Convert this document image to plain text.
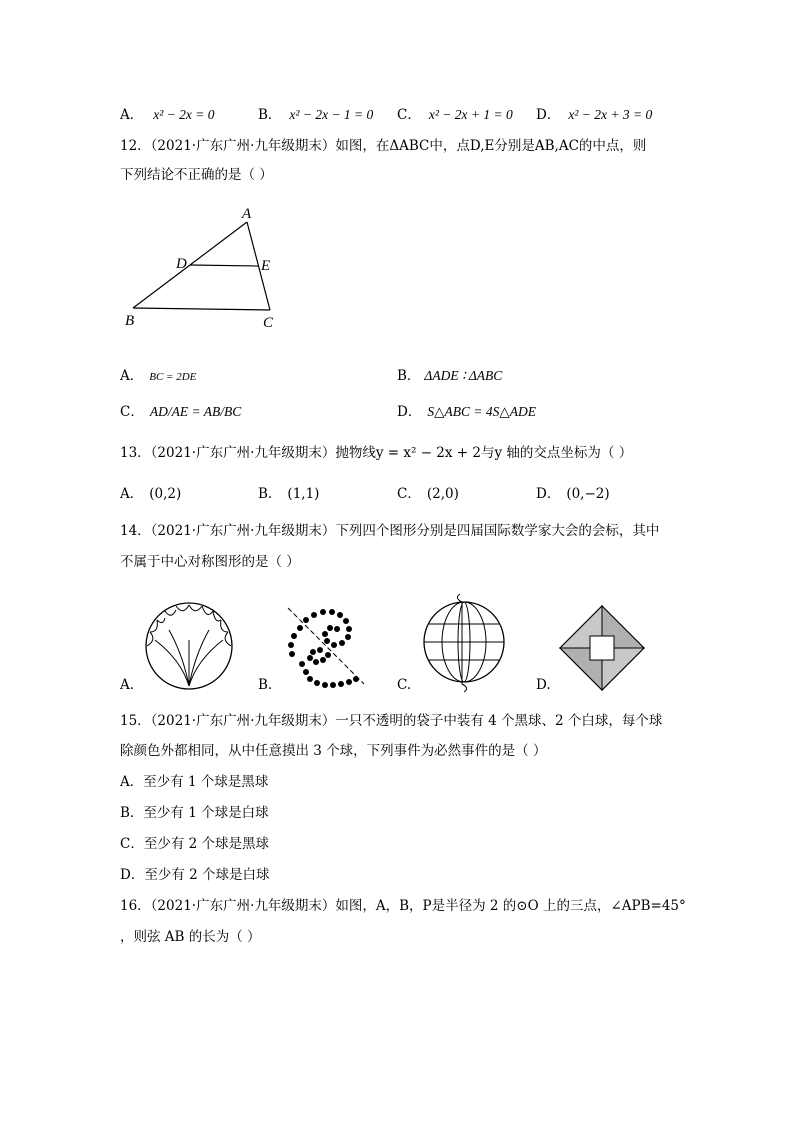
A． x² − 2x = 0	B． x² − 2x − 1 = 0 C． x² − 2x + 1 = 0 D． x² − 2x + 3 = 0
12．（2021·广东广州·九年级期末）如图，在ΔABC中，点D,E分别是AB,AC的中点，则
下列结论不正确的是（ ）
A
B	C
D	E
A． BC = 2DE	B． ΔADE ∶ ΔABC
C． AD/AE = AB/BC	D． S△ABC = 4S△ADE
13．（2021·广东广州·九年级期末）抛物线y = x² − 2x + 2与y 轴的交点坐标为（ ）
A． (0,2)	B． (1,1)	C． (2,0)	D． (0,−2)
14．（2021·广东广州·九年级期末）下列四个图形分别是四届国际数学家大会的会标，其中
不属于中心对称图形的是（ ）
A.	B.	C.	D.
15．（2021·广东广州·九年级期末）一只不透明的袋子中装有 4 个黑球、2 个白球，每个球
除颜色外都相同，从中任意摸出 3 个球，下列事件为必然事件的是（ ）
A．至少有 1 个球是黑球
B．至少有 1 个球是白球
C．至少有 2 个球是黑球
D．至少有 2 个球是白球
16．（2021·广东广州·九年级期末）如图，A，B，P是半径为 2 的⊙O 上的三点，∠APB=45°
，则弦 AB 的长为（ ）
